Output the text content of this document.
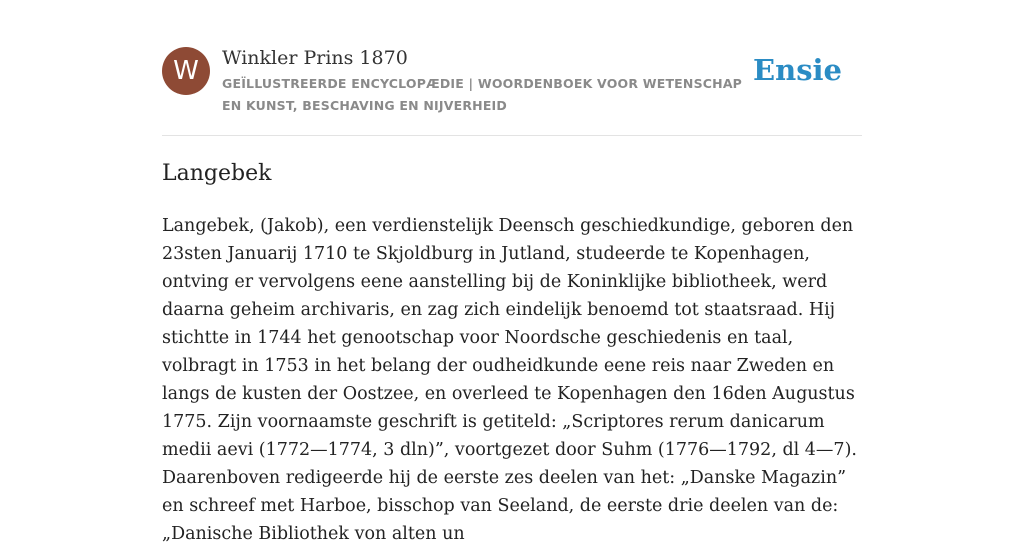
W	Winkler Prins 1870
GEÏLLUSTREERDE ENCYCLOPÆDIE | WOORDENBOEK VOOR WETENSCHAP EN KUNST, BESCHAVING EN NIJVERHEID
Ensie
Langebek

Langebek, (Jakob), een verdienstelijk Deensch geschiedkundige, geboren den 23sten Januarij 1710 te Skjoldburg in Jutland, studeerde te Kopenhagen, ontving er vervolgens eene aanstelling bij de Koninklijke bibliotheek, werd daarna geheim archivaris, en zag zich eindelijk benoemd tot staatsraad. Hij stichtte in 1744 het genootschap voor Noordsche geschiedenis en taal, volbragt in 1753 in het belang der oudheidkunde eene reis naar Zweden en langs de kusten der Oostzee, en overleed te Kopenhagen den 16den Augustus 1775. Zijn voornaamste geschrift is getiteld: „Scriptores rerum danicarum medii aevi (1772—1774, 3 dln)”, voortgezet door Suhm (1776—1792, dl 4—7). Daarenboven redigeerde hij de eerste zes deelen van het: „Danske Magazin” en schreef met Harboe, bisschop van Seeland, de eerste drie deelen van de: „Danische Bibliothek von alten un
